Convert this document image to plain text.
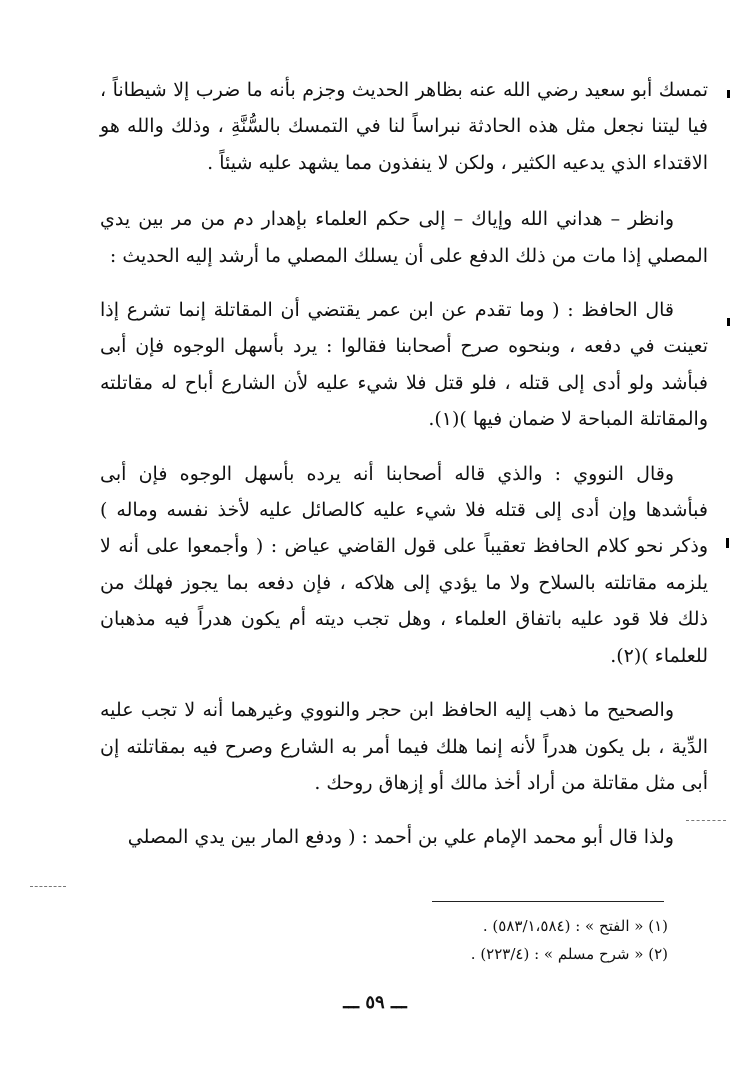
تمسك أبو سعيد رضي الله عنه بظاهر الحديث وجزم بأنه ما ضرب إلا شيطاناً ، فيا ليتنا نجعل مثل هذه الحادثة نبراساً لنا في التمسك بالسُّنَّةِ ، وذلك والله هو الاقتداء الذي يدعيه الكثير ، ولكن لا ينفذون مما يشهد عليه شيئاً .

وانظر – هداني الله وإياك – إلى حكم العلماء بإهدار دم من مر بين يدي المصلي إذا مات من ذلك الدفع على أن يسلك المصلي ما أرشد إليه الحديث :

قال الحافظ : ( وما تقدم عن ابن عمر يقتضي أن المقاتلة إنما تشرع إذا تعينت في دفعه ، وبنحوه صرح أصحابنا فقالوا : يرد بأسهل الوجوه فإن أبى فبأشد ولو أدى إلى قتله ، فلو قتل فلا شيء عليه لأن الشارع أباح له مقاتلته والمقاتلة المباحة لا ضمان فيها )(١).

وقال النووي : والذي قاله أصحابنا أنه يرده بأسهل الوجوه فإن أبى فبأشدها وإن أدى إلى قتله فلا شيء عليه كالصائل عليه لأخذ نفسه وماله ) وذكر نحو كلام الحافظ تعقيباً على قول القاضي عياض : ( وأجمعوا على أنه لا يلزمه مقاتلته بالسلاح ولا ما يؤدي إلى هلاكه ، فإن دفعه بما يجوز فهلك من ذلك فلا قود عليه باتفاق العلماء ، وهل تجب ديته أم يكون هدراً فيه مذهبان للعلماء )(٢).

والصحيح ما ذهب إليه الحافظ ابن حجر والنووي وغيرهما أنه لا تجب عليه الدِّية ، بل يكون هدراً لأنه إنما هلك فيما أمر به الشارع وصرح فيه بمقاتلته إن أبى مثل مقاتلة من أراد أخذ مالك أو إزهاق روحك .

ولذا قال أبو محمد الإمام علي بن أحمد : ( ودفع المار بين يدي المصلي

(١) « الفتح » : (٥٨٣/١،٥٨٤) .
(٢) « شرح مسلم » : (٢٢٣/٤) .
ـــ ٥٩ ـــ
